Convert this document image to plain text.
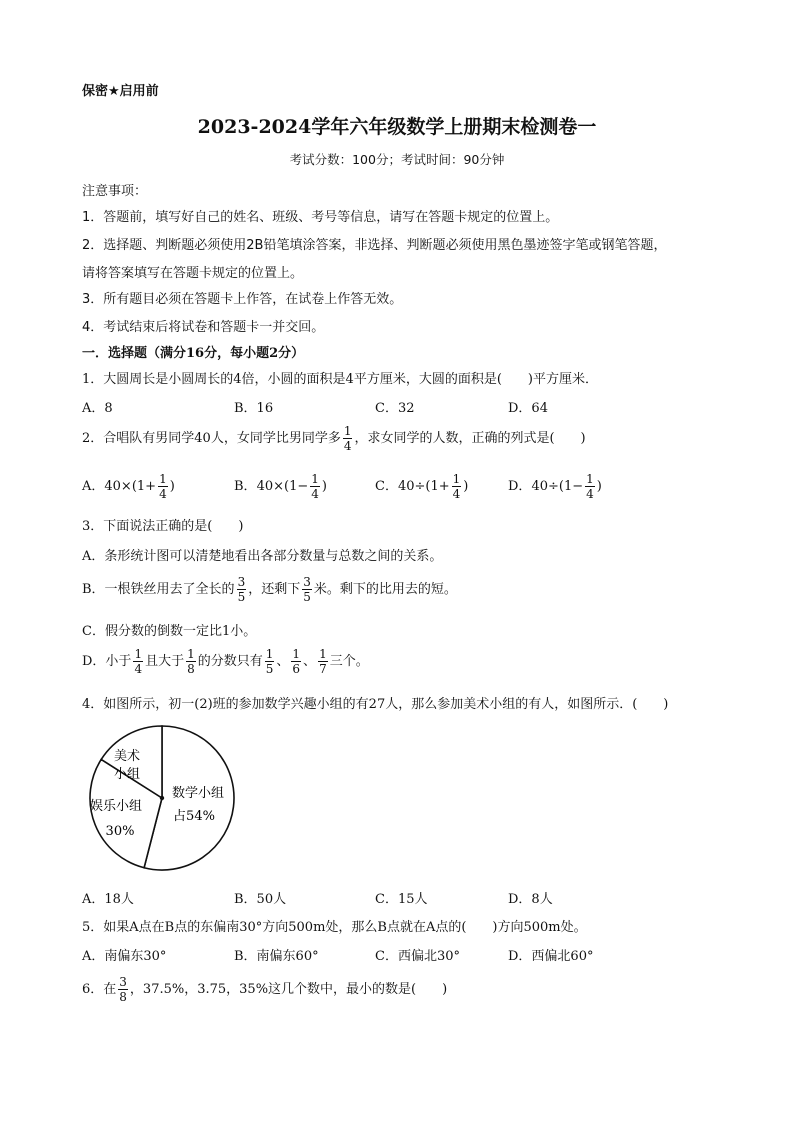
保密★启用前
2023-2024学年六年级数学上册期末检测卷一
考试分数：100分；考试时间：90分钟
注意事项：
1．答题前，填写好自己的姓名、班级、考号等信息，请写在答题卡规定的位置上。
2．选择题、判断题必须使用2B铅笔填涂答案，非选择、判断题必须使用黑色墨迹签字笔或钢笔答题，
请将答案填写在答题卡规定的位置上。
3．所有题目必须在答题卡上作答，在试卷上作答无效。
4．考试结束后将试卷和答题卡一并交回。
一．选择题（满分16分，每小题2分）
1．大圆周长是小圆周长的4倍，小圆的面积是4平方厘米，大圆的面积是(　　)平方厘米．
A．8	B．16	C．32	D．64
2．合唱队有男同学40人，女同学比男同学多 $\frac{1}{4}$ ，求女同学的人数，正确的列式是(　　)
A．$40\times(1+ \frac{1}{4}$ )	B．$40\times(1- \frac{1}{4}$ )	C．$40\div(1+ \frac{1}{4}$ )	D．$40\div(1- \frac{1}{4}$ )
3．下面说法正确的是(　　)
A．条形统计图可以清楚地看出各部分数量与总数之间的关系。
B．一根铁丝用去了全长的 $\frac{3}{5}$ ，还剩下 $\frac{3}{5}$ 米。剩下的比用去的短。
C．假分数的倒数一定比1小。
D．小于 $\frac{1}{4}$ 且大于 $\frac{1}{8}$ 的分数只有 $\frac{1}{5}$ 、 $\frac{1}{6}$ 、 $\frac{1}{7}$ 三个。
4．如图所示，初一(2)班的参加数学兴趣小组的有27人，那么参加美术小组的有人，如图所示．(　　)
美术
小组
娱乐小组
30%
数学小组
占54%
A．18人	B．50人	C．15人	D．8人
5．如果A点在B点的东偏南30°方向500m处，那么B点就在A点的(　　)方向500m处。
A．南偏东30°	B．南偏东60°	C．西偏北30°	D．西偏北60°
6．在 $\frac{3}{8}$ ，37.5%，3.75，35%这几个数中，最小的数是(　　)
